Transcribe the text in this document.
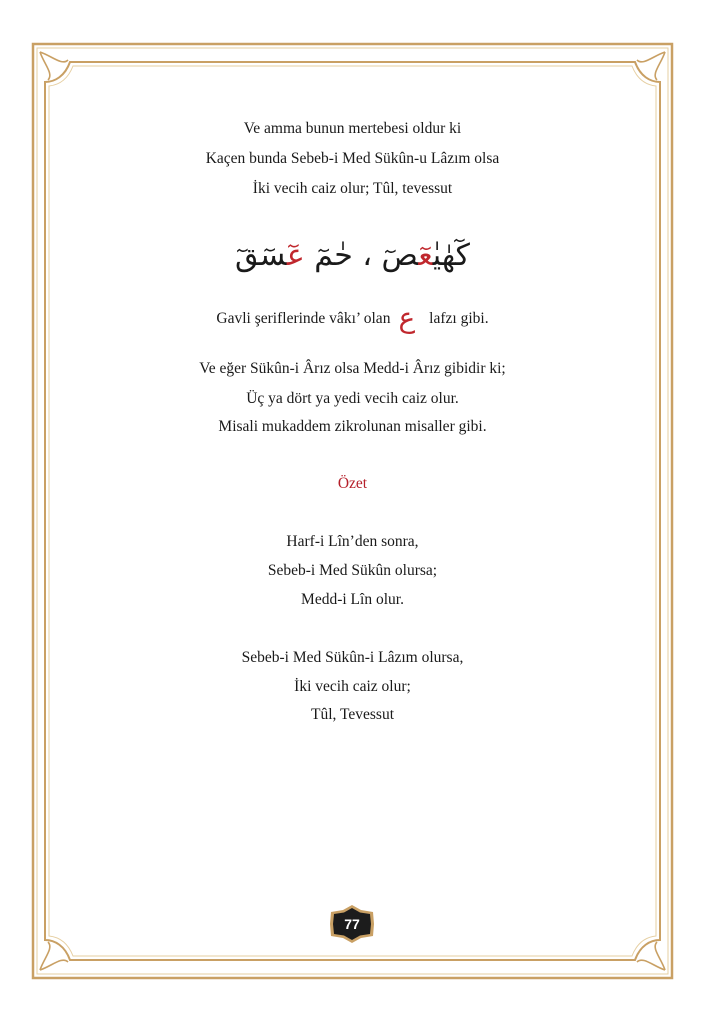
Ve amma bunun mertebesi oldur ki
Kaçen bunda Sebeb-i Med Sükûn-u Lâzım olsa
İki vecih caiz olur; Tûl, tevessut
كٓهٰيٰعٓصٓ ، حٰمٓ عٓسٓقٓ
Gavli şeriflerinde vâkı’ olan ع lafzı gibi.
Ve eğer Sükûn-i Ârız olsa Medd-i Ârız gibidir ki;
Üç ya dört ya yedi vecih caiz olur.
Misali mukaddem zikrolunan misaller gibi.
Özet
Harf-i Lîn’den sonra,
Sebeb-i Med Sükûn olursa;
Medd-i Lîn olur.
Sebeb-i Med Sükûn-i Lâzım olursa,
İki vecih caiz olur;
Tûl, Tevessut
77
